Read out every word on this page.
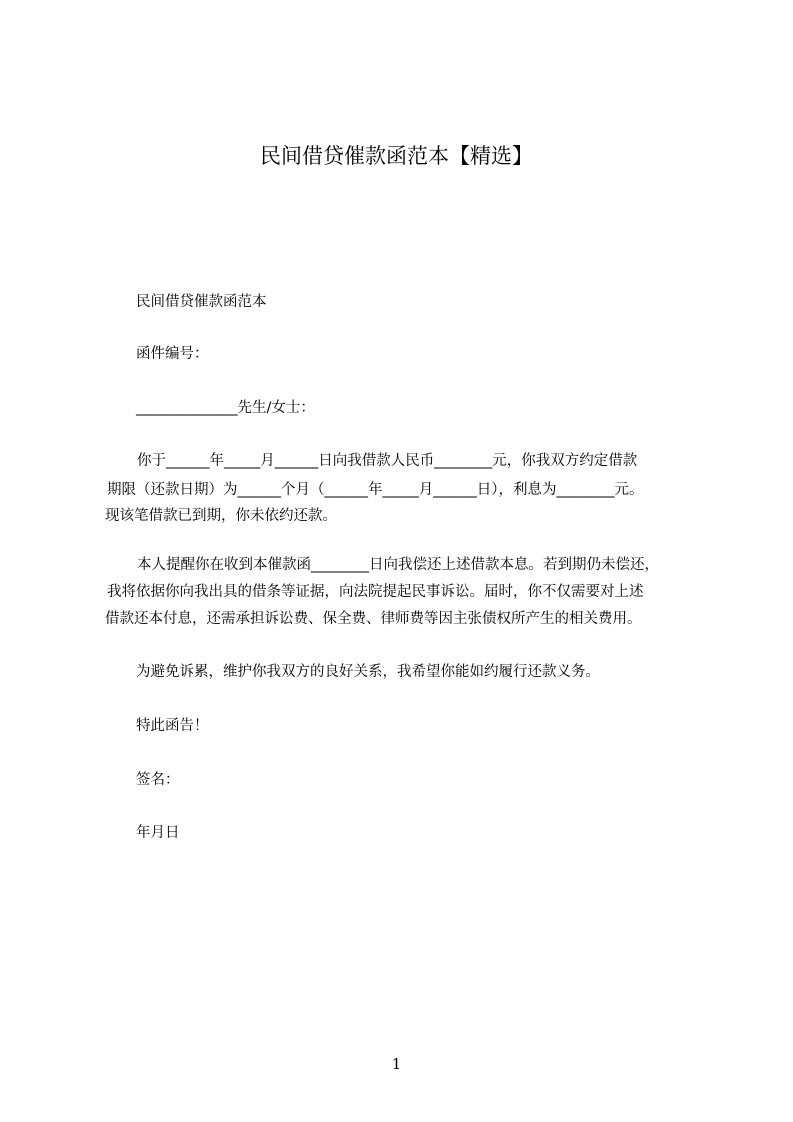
民间借贷催款函范本【精选】
民间借贷催款函范本
函件编号：
______________先生/女士：
你于______年_____月______日向我借款人民币________元，你我双方约定借款
期限（还款日期）为______个月（______年_____月______日），利息为________元。
现该笔借款已到期，你未依约还款。
本人提醒你在收到本催款函________日向我偿还上述借款本息。若到期仍未偿还，
我将依据你向我出具的借条等证据，向法院提起民事诉讼。届时，你不仅需要对上述
借款还本付息，还需承担诉讼费、保全费、律师费等因主张债权所产生的相关费用。
为避免诉累，维护你我双方的良好关系，我希望你能如约履行还款义务。
特此函告！
签名：
年月日
1
